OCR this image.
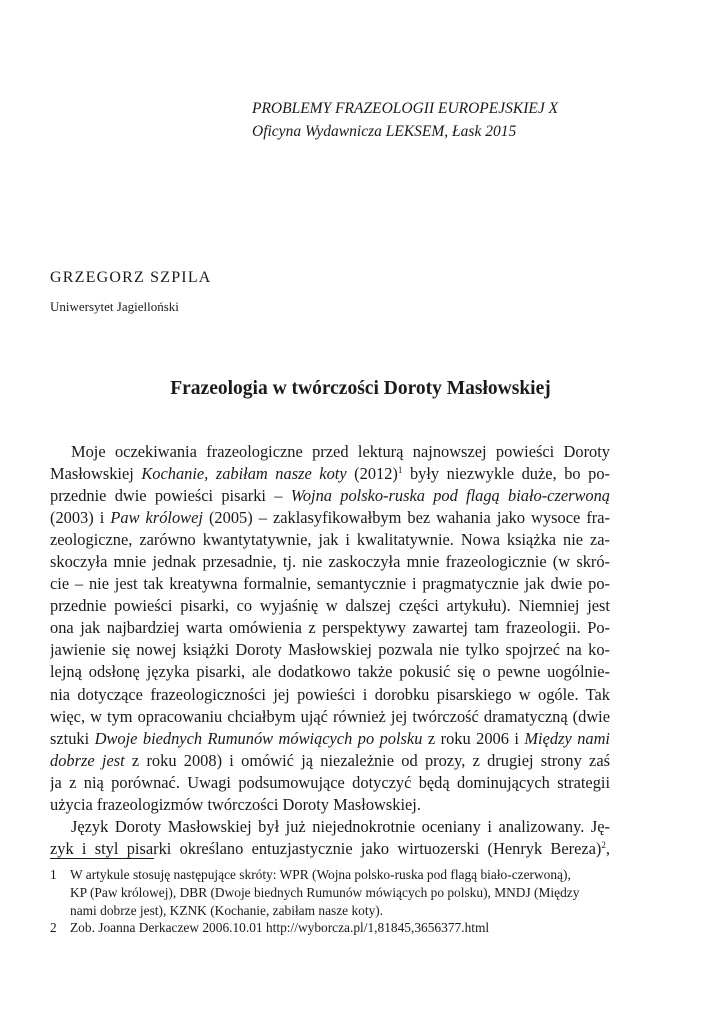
PROBLEMY FRAZEOLOGII EUROPEJSKIEJ X
Oficyna Wydawnicza LEKSEM, Łask 2015
GRZEGORZ SZPILA
Uniwersytet Jagielloński
Frazeologia w twórczości Doroty Masłowskiej
Moje oczekiwania frazeologiczne przed lekturą najnowszej powieści Doroty
Masłowskiej Kochanie, zabiłam nasze koty $(2012)^1$ były niezwykle duże, bo po-
przednie dwie powieści pisarki – Wojna polsko-ruska pod flagą biało-czerwoną
(2003) i Paw królowej (2005) – zaklasyfikowałbym bez wahania jako wysoce fra-
zeologiczne, zarówno kwantytatywnie, jak i kwalitatywnie. Nowa książka nie za-
skoczyła mnie jednak przesadnie, tj. nie zaskoczyła mnie frazeologicznie (w skró-
cie – nie jest tak kreatywna formalnie, semantycznie i pragmatycznie jak dwie po-
przednie powieści pisarki, co wyjaśnię w dalszej części artykułu). Niemniej jest
ona jak najbardziej warta omówienia z perspektywy zawartej tam frazeologii. Po-
jawienie się nowej książki Doroty Masłowskiej pozwala nie tylko spojrzeć na ko-
lejną odsłonę języka pisarki, ale dodatkowo także pokusić się o pewne uogólnie-
nia dotyczące frazeologiczności jej powieści i dorobku pisarskiego w ogóle. Tak
więc, w tym opracowaniu chciałbym ująć również jej twórczość dramatyczną (dwie
sztuki Dwoje biednych Rumunów mówiących po polsku z roku 2006 i Między nami
dobrze jest z roku 2008) i omówić ją niezależnie od prozy, z drugiej strony zaś
ja z nią porównać. Uwagi podsumowujące dotyczyć będą dominujących strategii
użycia frazeologizmów twórczości Doroty Masłowskiej.
Język Doroty Masłowskiej był już niejednokrotnie oceniany i analizowany. Ję-
zyk i styl pisarki określano entuzjastycznie jako wirtuozerski (Henryk Bereza)$^2$,
1 W artykule stosuję następujące skróty: WPR (Wojna polsko-ruska pod flagą biało-czerwoną),
KP (Paw królowej), DBR (Dwoje biednych Rumunów mówiących po polsku), MNDJ (Między
nami dobrze jest), KZNK (Kochanie, zabiłam nasze koty).
2 Zob. Joanna Derkaczew 2006.10.01 http://wyborcza.pl/1,81845,3656377.html
